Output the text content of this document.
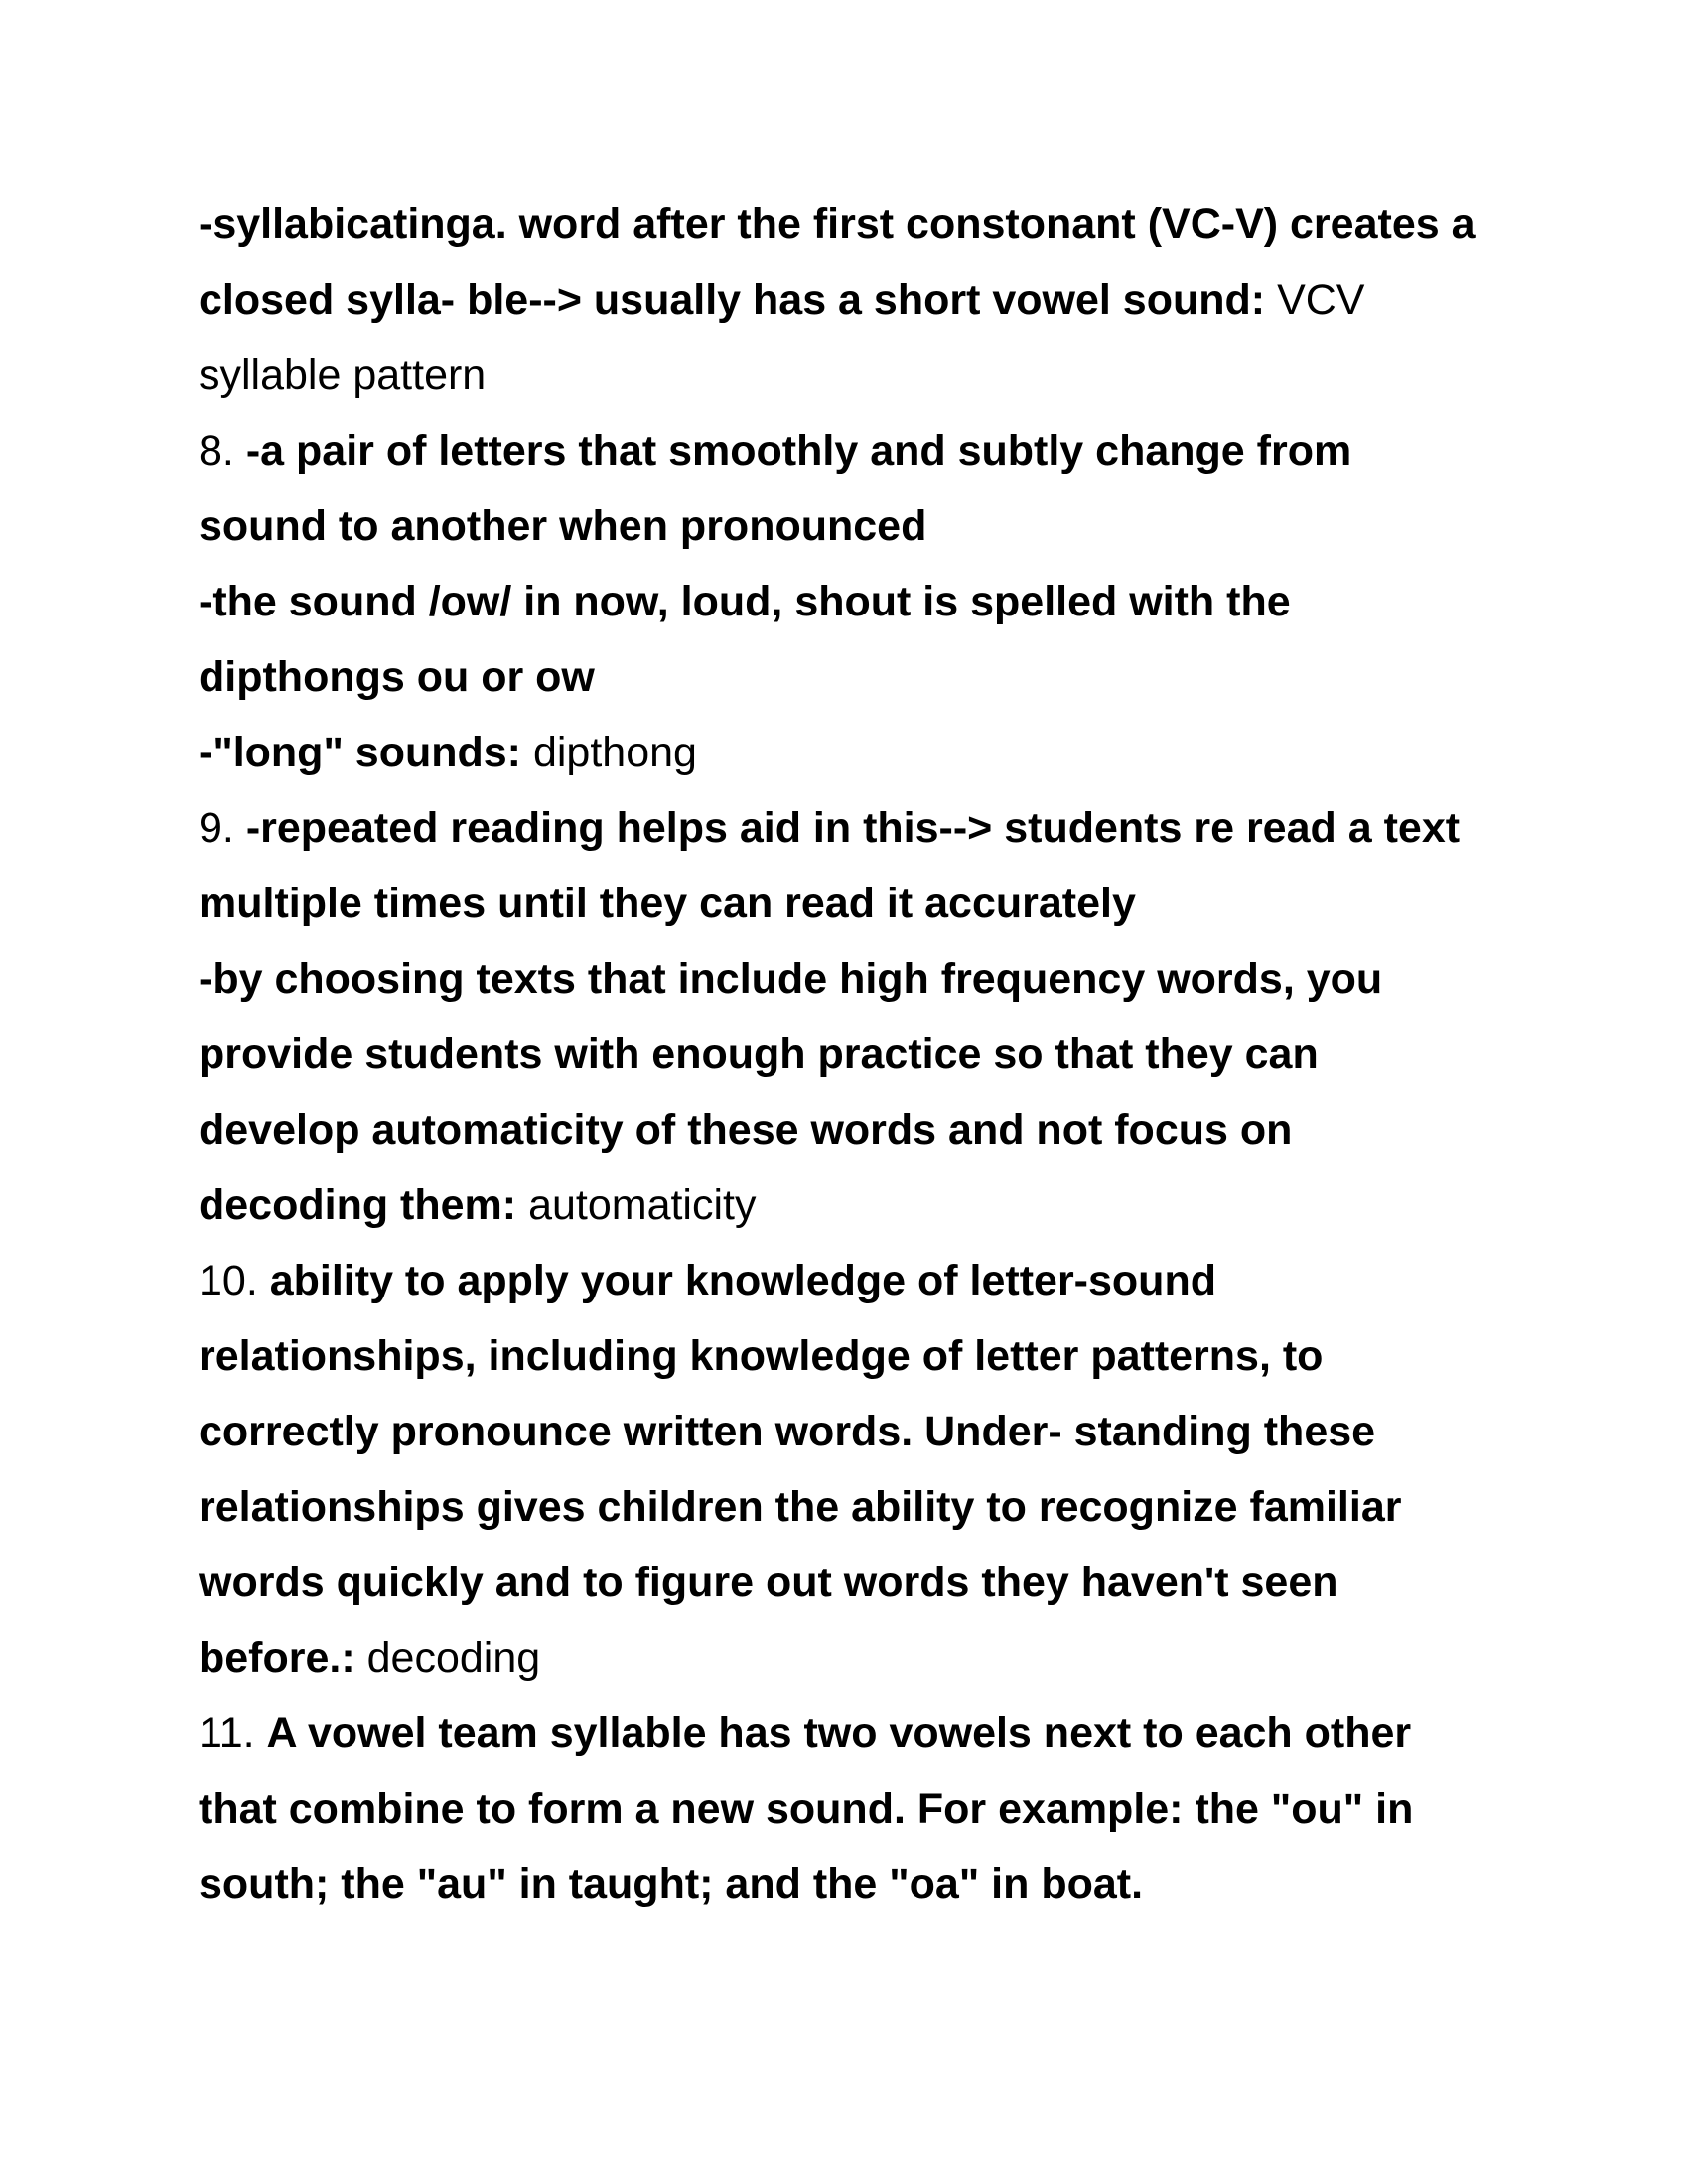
-syllabicatinga. word after the first constonant (VC-V) creates a closed sylla- ble--> usually has a short vowel sound: VCV syllable pattern

8. -a pair of letters that smoothly and subtly change from sound to another when pronounced

-the sound /ow/ in now, loud, shout is spelled with the dipthongs ou or ow

-"long" sounds: dipthong

9. -repeated reading helps aid in this--> students re read a text multiple times until they can read it accurately

-by choosing texts that include high frequency words, you provide students with enough practice so that they can develop automaticity of these words and not focus on decoding them: automaticity

10. ability to apply your knowledge of letter-sound relationships, including knowledge of letter patterns, to correctly pronounce written words. Under- standing these relationships gives children the ability to recognize familiar words quickly and to figure out words they haven't seen before.: decoding

11. A vowel team syllable has two vowels next to each other that combine to form a new sound. For example: the "ou" in south; the "au" in taught; and the "oa" in boat.
